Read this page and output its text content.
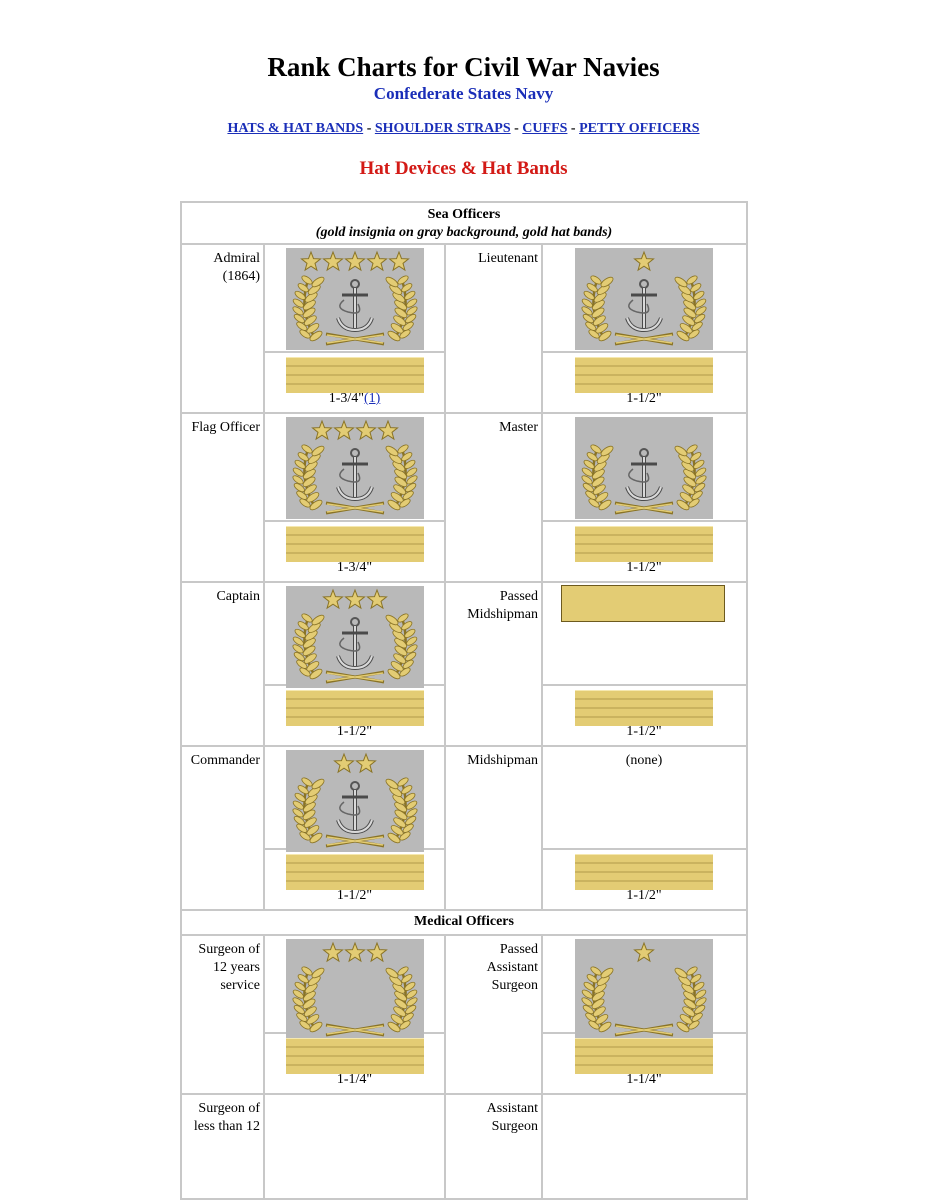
Rank Charts for Civil War Navies
Confederate States Navy
HATS & HAT BANDS - SHOULDER STRAPS - CUFFS - PETTY OFFICERS
Hat Devices & Hat Bands
Sea Officers
(gold insignia on gray background, gold hat bands)
Admiral
(1864)
1-3/4"(1)
Lieutenant
1-1/2"
Flag Officer
1-3/4"
Master
1-1/2"
Captain
1-1/2"
Passed
Midshipman
1-1/2"
Commander
1-1/2"
Midshipman	(none)
1-1/2"
Medical Officers
Surgeon of
12 years
service
1-1/4"
Passed
Assistant
Surgeon
1-1/4"
Surgeon of
less than 12
Assistant
Surgeon
